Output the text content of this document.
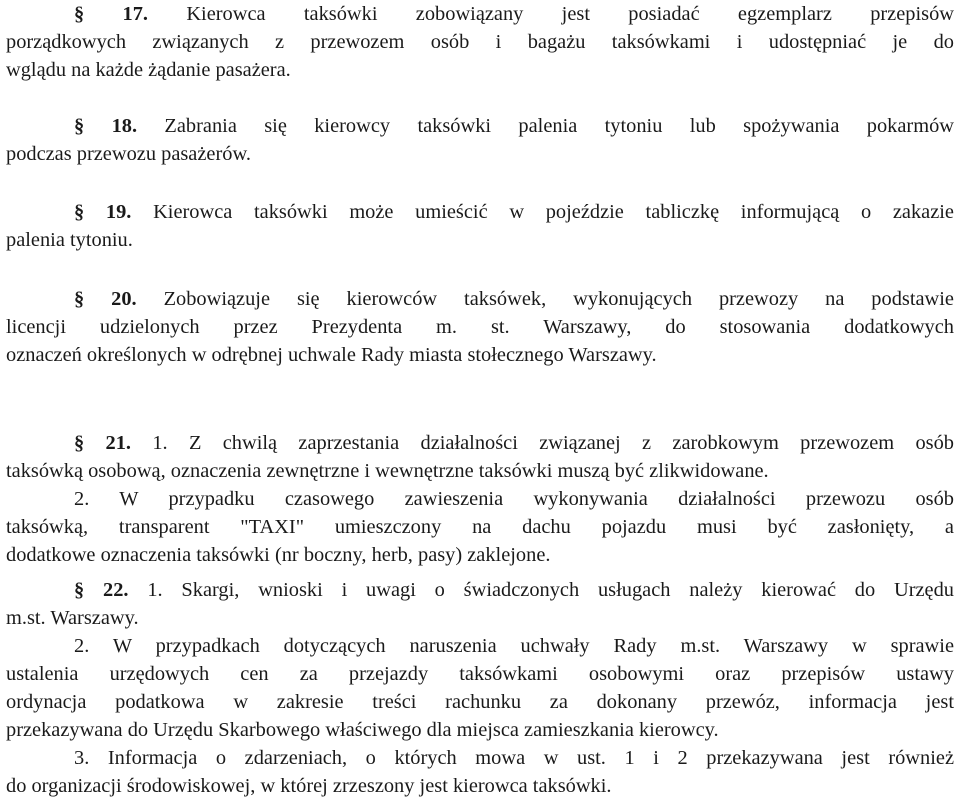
§ 17. Kierowca taksówki zobowiązany jest posiadać egzemplarz przepisów
porządkowych związanych z przewozem osób i bagażu taksówkami i udostępniać je do
wglądu na każde żądanie pasażera.
§ 18. Zabrania się kierowcy taksówki palenia tytoniu lub spożywania pokarmów
podczas przewozu pasażerów.
§ 19. Kierowca taksówki może umieścić w pojeździe tabliczkę informującą o zakazie
palenia tytoniu.
§ 20. Zobowiązuje się kierowców taksówek, wykonujących przewozy na podstawie
licencji udzielonych przez Prezydenta m. st. Warszawy, do stosowania dodatkowych
oznaczeń określonych w odrębnej uchwale Rady miasta stołecznego Warszawy.
§ 21. 1. Z chwilą zaprzestania działalności związanej z zarobkowym przewozem osób
taksówką osobową, oznaczenia zewnętrzne i wewnętrzne taksówki muszą być zlikwidowane.
2. W przypadku czasowego zawieszenia wykonywania działalności przewozu osób
taksówką, transparent "TAXI" umieszczony na dachu pojazdu musi być zasłonięty, a
dodatkowe oznaczenia taksówki (nr boczny, herb, pasy) zaklejone.
§ 22. 1. Skargi, wnioski i uwagi o świadczonych usługach należy kierować do Urzędu
m.st. Warszawy.
2. W przypadkach dotyczących naruszenia uchwały Rady m.st. Warszawy w sprawie
ustalenia urzędowych cen za przejazdy taksówkami osobowymi oraz przepisów ustawy
ordynacja podatkowa w zakresie treści rachunku za dokonany przewóz, informacja jest
przekazywana do Urzędu Skarbowego właściwego dla miejsca zamieszkania kierowcy.
3. Informacja o zdarzeniach, o których mowa w ust. 1 i 2 przekazywana jest również
do organizacji środowiskowej, w której zrzeszony jest kierowca taksówki.
